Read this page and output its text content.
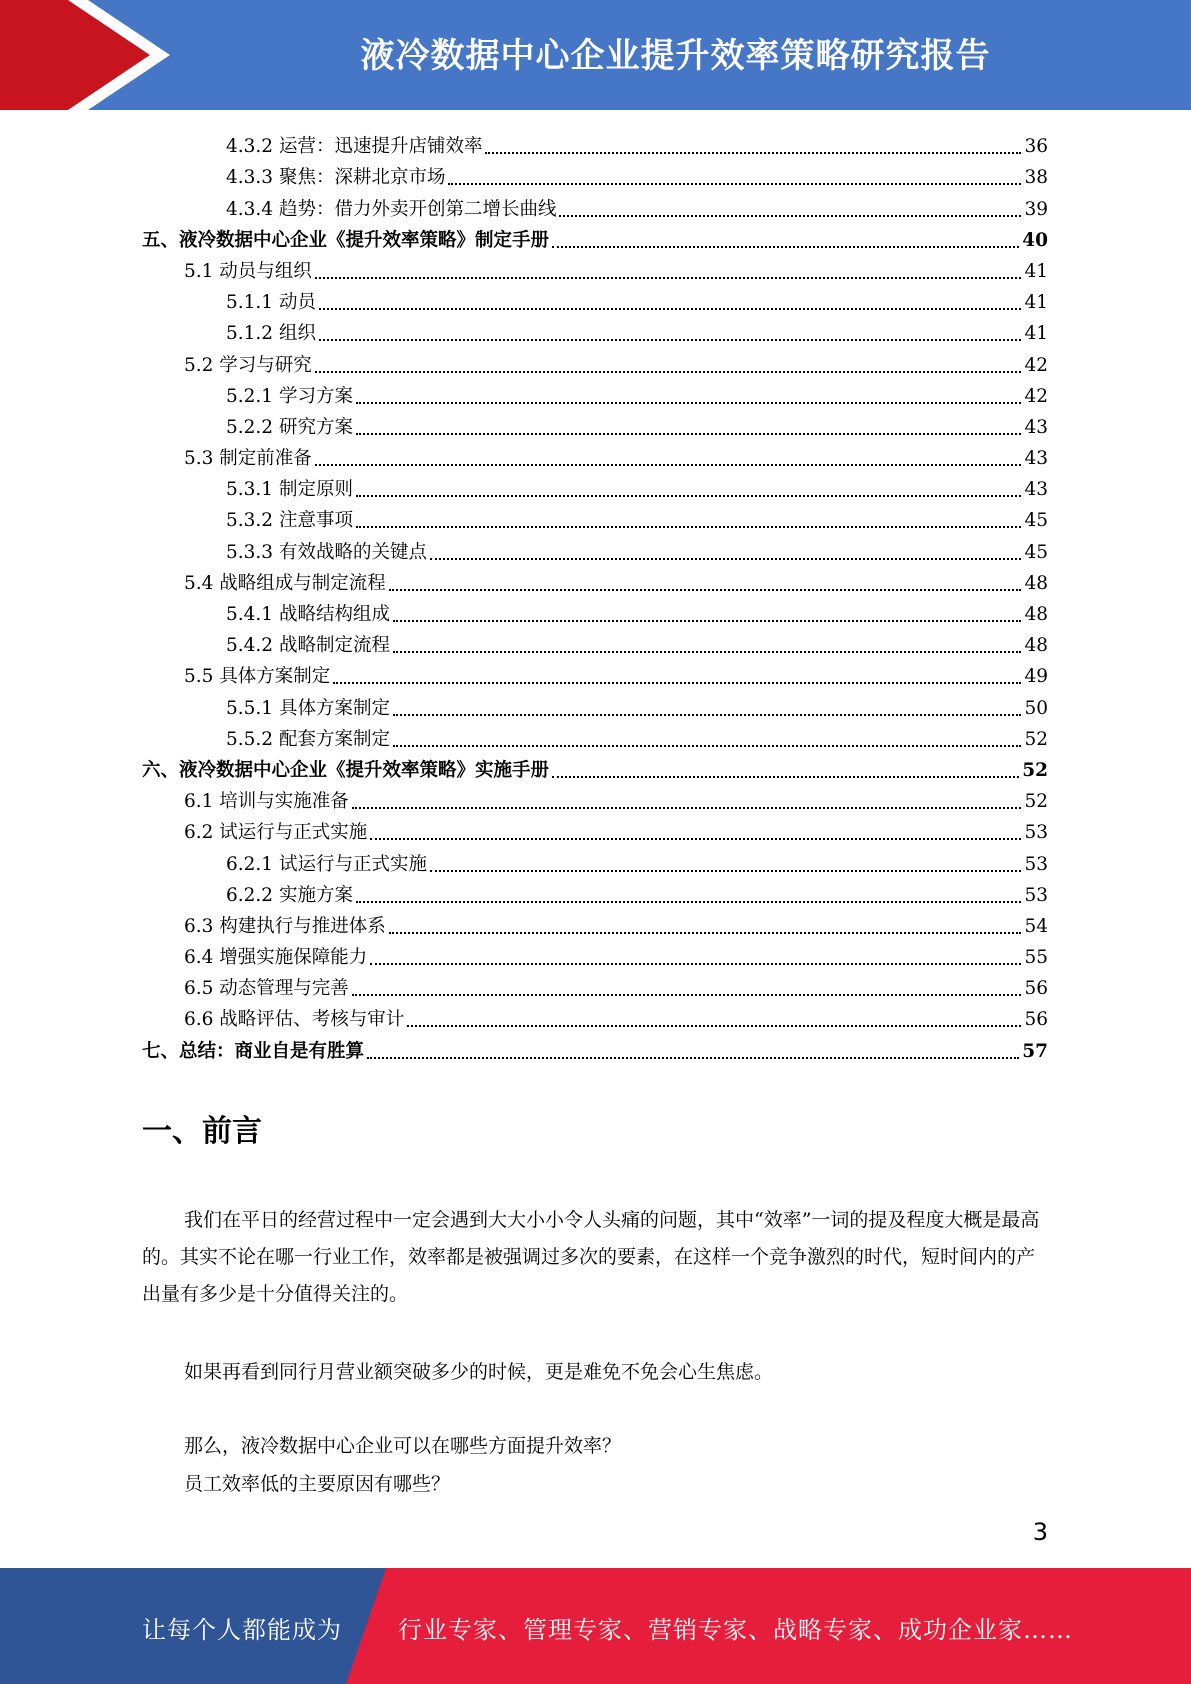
液冷数据中心企业提升效率策略研究报告
4.3.2 运营：迅速提升店铺效率	36
4.3.3 聚焦：深耕北京市场	38
4.3.4 趋势：借力外卖开创第二增长曲线	39
五、液冷数据中心企业《提升效率策略》制定手册	40
5.1 动员与组织	41
5.1.1 动员	41
5.1.2 组织	41
5.2 学习与研究	42
5.2.1 学习方案	42
5.2.2 研究方案	43
5.3 制定前准备	43
5.3.1 制定原则	43
5.3.2 注意事项	45
5.3.3 有效战略的关键点	45
5.4 战略组成与制定流程	48
5.4.1 战略结构组成	48
5.4.2 战略制定流程	48
5.5 具体方案制定	49
5.5.1 具体方案制定	50
5.5.2 配套方案制定	52
六、液冷数据中心企业《提升效率策略》实施手册	52
6.1 培训与实施准备	52
6.2 试运行与正式实施	53
6.2.1 试运行与正式实施	53
6.2.2 实施方案	53
6.3 构建执行与推进体系	54
6.4 增强实施保障能力	55
6.5 动态管理与完善	56
6.6 战略评估、考核与审计	56
七、总结：商业自是有胜算	57
一、前言

我们在平日的经营过程中一定会遇到大大小小令人头痛的问题，其中“效率”一词的提及程度大概是最高的。其实不论在哪一行业工作，效率都是被强调过多次的要素，在这样一个竞争激烈的时代，短时间内的产出量有多少是十分值得关注的。

如果再看到同行月营业额突破多少的时候，更是难免不免会心生焦虑。

那么，液冷数据中心企业可以在哪些方面提升效率？

员工效率低的主要原因有哪些？

3
让每个人都能成为 行业专家、管理专家、营销专家、战略专家、成功企业家……
